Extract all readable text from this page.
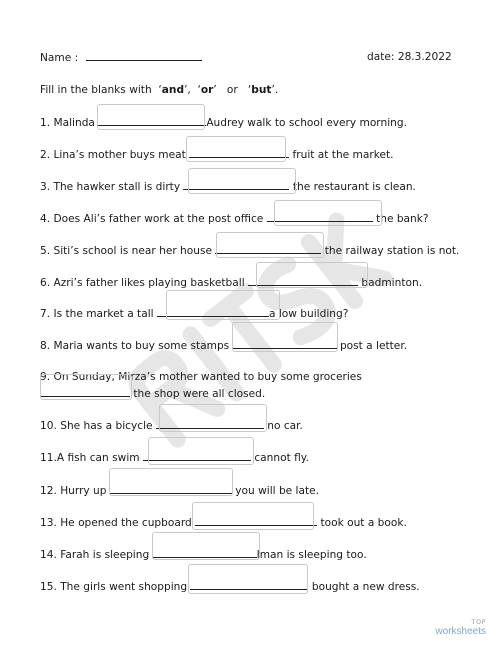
Name :	date: 28.3.2022
Fill in the blanks with  ‘and’,  ‘or’   or   ‘but’.
1. Malinda	Audrey walk to school every morning.
2. Lina’s mother buys meat	fruit at the market.
3. The hawker stall is dirty	the restaurant is clean.
4. Does Ali’s father work at the post office	the bank?
5. Siti’s school is near her house	the railway station is not.
6. Azri’s father likes playing basketball	badminton.
7. Is the market a tall	a low building?
8. Maria wants to buy some stamps	post a letter.
9. On Sunday, Mirza’s mother wanted to buy some groceries
the shop were all closed.
10. She has a bicycle	no car.
11.A fish can swim	cannot fly.
12. Hurry up	you will be late.
13. He opened the cupboard	took out a book.
14. Farah is sleeping	Iman is sleeping too.
15. The girls went shopping	bought a new dress.
TOP
worksheets
